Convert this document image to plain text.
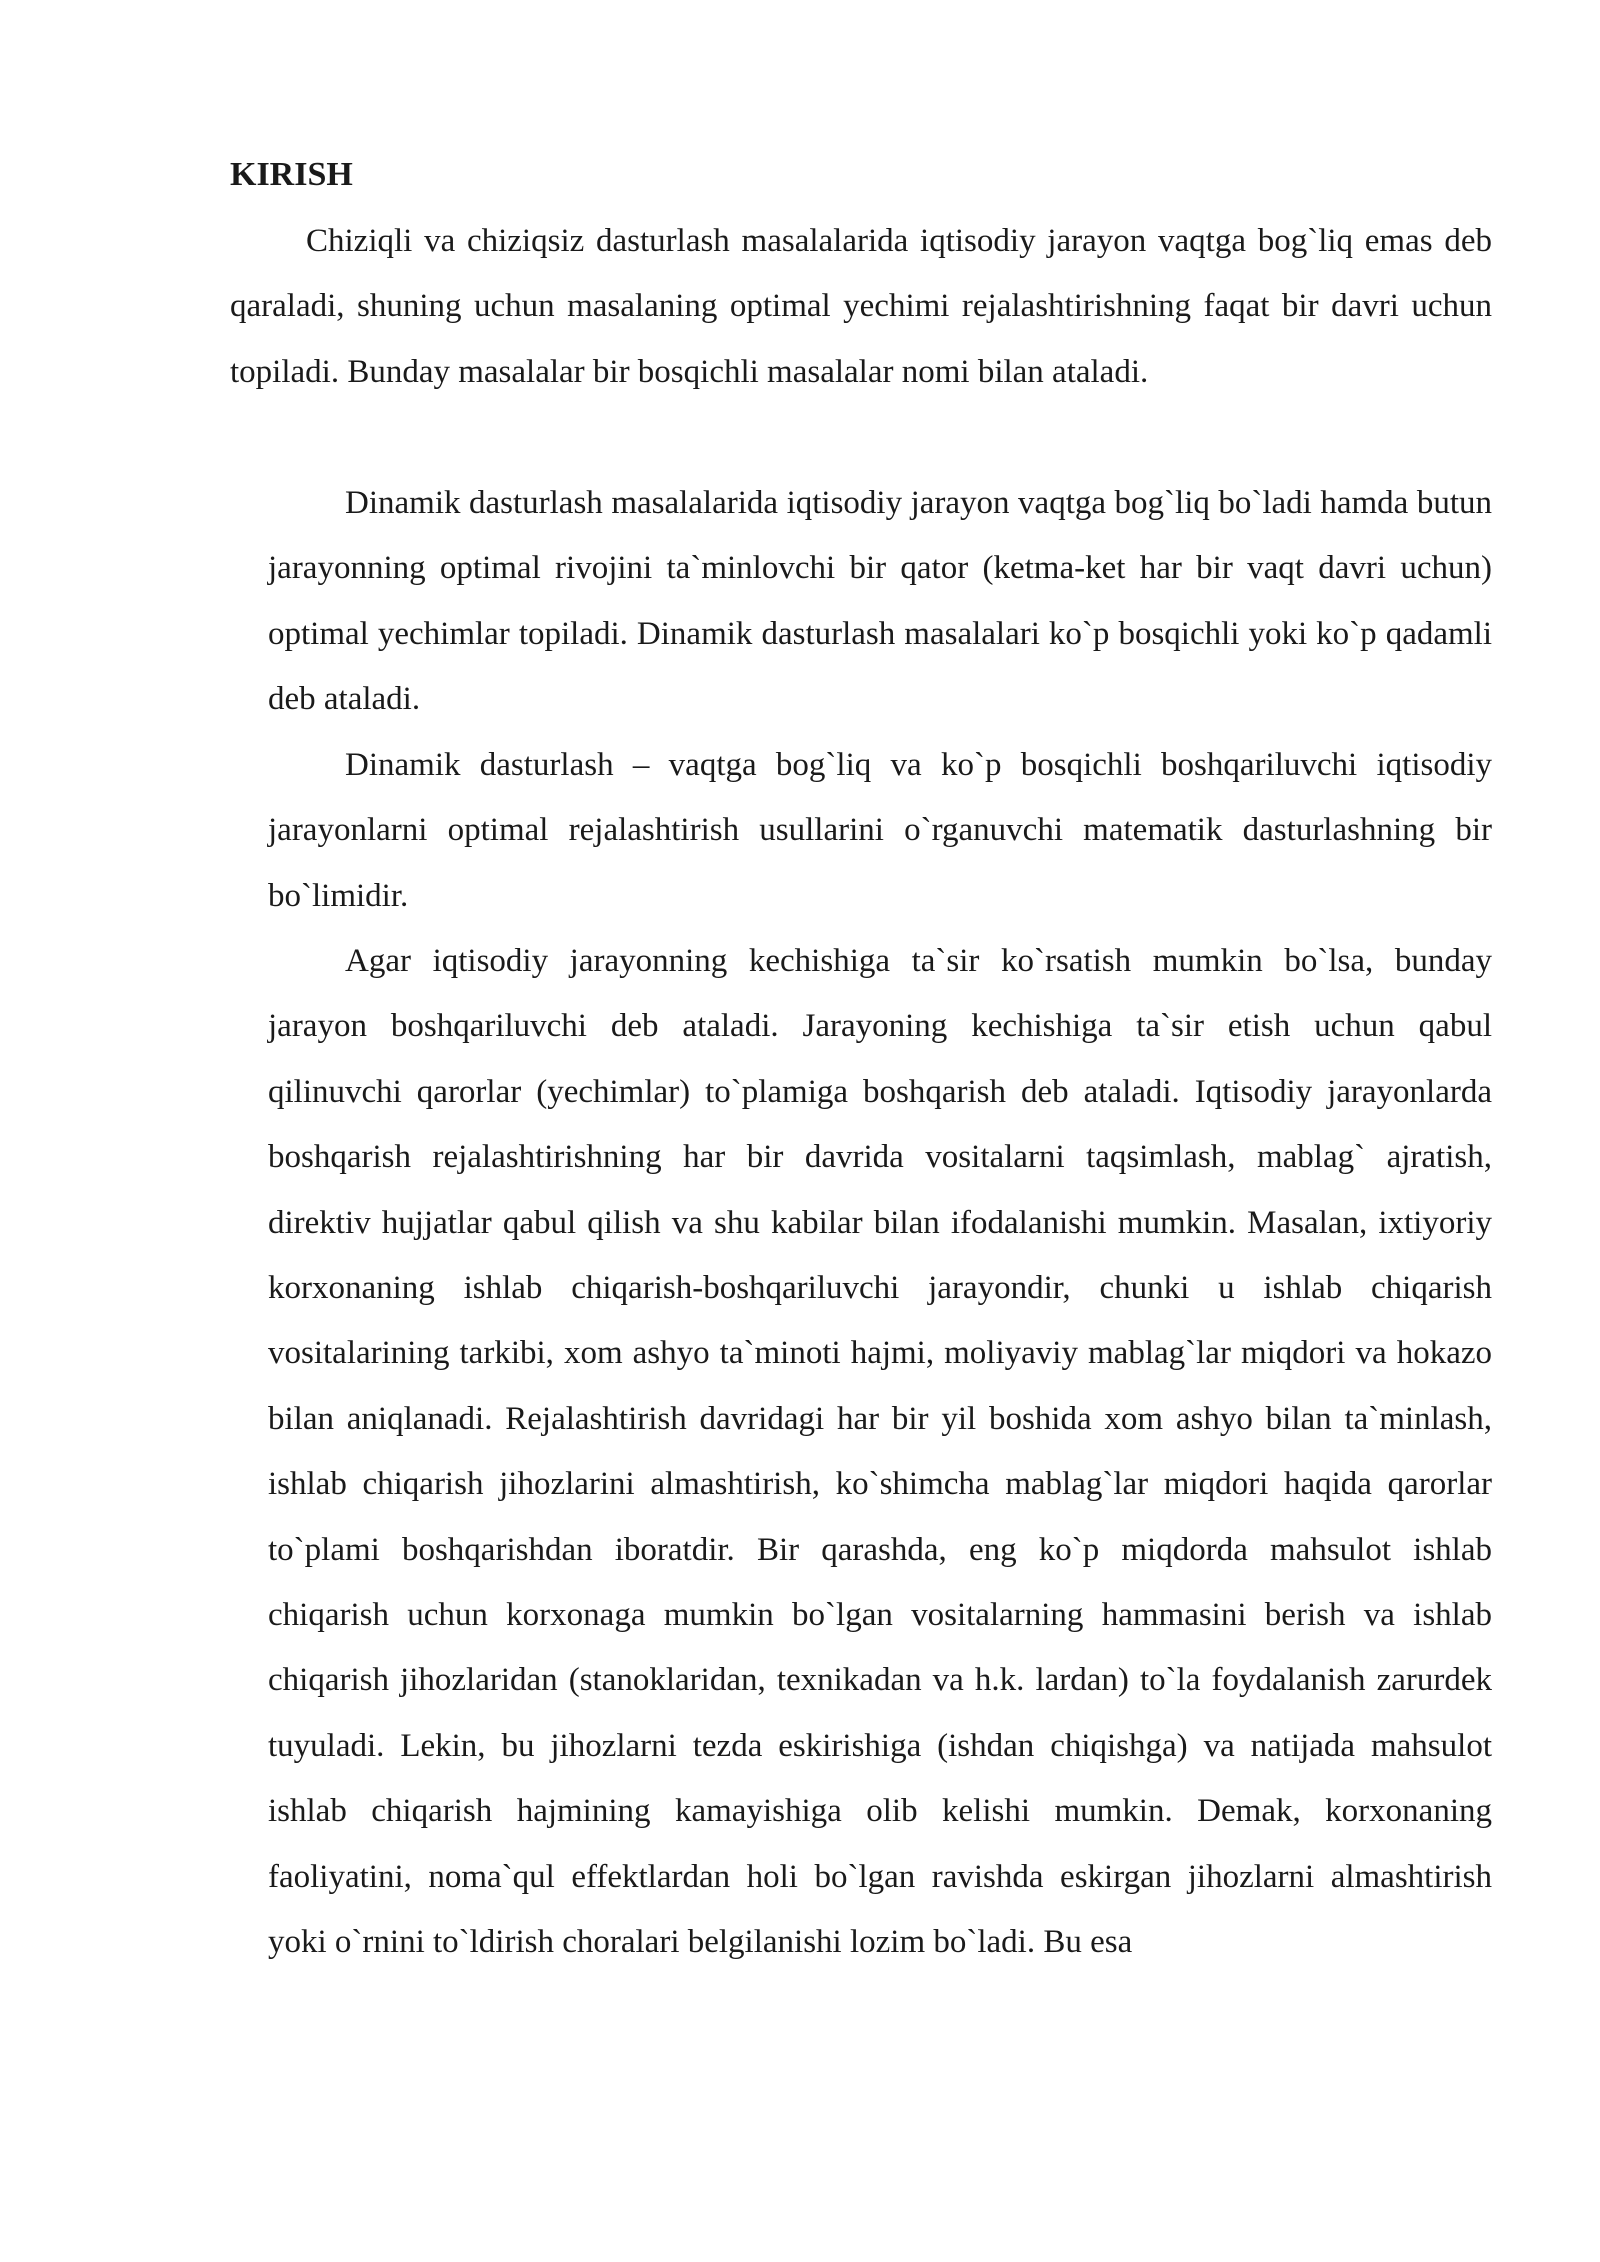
KIRISH

Chiziqli va chiziqsiz dasturlash masalalarida iqtisodiy jarayon vaqtga bog`liq emas deb qaraladi, shuning uchun masalaning optimal yechimi rejalashtirishning faqat bir davri uchun topiladi. Bunday masalalar bir bosqichli masalalar nomi bilan ataladi.

Dinamik dasturlash masalalarida iqtisodiy jarayon vaqtga bog`liq bo`ladi hamda butun jarayonning optimal rivojini ta`minlovchi bir qator (ketma-ket har bir vaqt davri uchun) optimal yechimlar topiladi. Dinamik dasturlash masalalari ko`p bosqichli yoki ko`p qadamli deb ataladi.

Dinamik dasturlash – vaqtga bog`liq va ko`p bosqichli boshqariluvchi iqtisodiy jarayonlarni optimal rejalashtirish usullarini o`rganuvchi matematik dasturlashning bir bo`limidir.

Agar iqtisodiy jarayonning kechishiga ta`sir ko`rsatish mumkin bo`lsa, bunday jarayon boshqariluvchi deb ataladi. Jarayoning kechishiga ta`sir etish uchun qabul qilinuvchi qarorlar (yechimlar) to`plamiga boshqarish deb ataladi. Iqtisodiy jarayonlarda boshqarish rejalashtirishning har bir davrida vositalarni taqsimlash, mablag` ajratish, direktiv hujjatlar qabul qilish va shu kabilar bilan ifodalanishi mumkin. Masalan, ixtiyoriy korxonaning ishlab chiqarish-boshqariluvchi jarayondir, chunki u ishlab chiqarish vositalarining tarkibi, xom ashyo ta`minoti hajmi, moliyaviy mablag`lar miqdori va hokazo bilan aniqlanadi. Rejalashtirish davridagi har bir yil boshida xom ashyo bilan ta`minlash, ishlab chiqarish jihozlarini almashtirish, ko`shimcha mablag`lar miqdori haqida qarorlar to`plami boshqarishdan iboratdir. Bir qarashda, eng ko`p miqdorda mahsulot ishlab chiqarish uchun korxonaga mumkin bo`lgan vositalarning hammasini berish va ishlab chiqarish jihozlaridan (stanoklaridan, texnikadan va h.k. lardan) to`la foydalanish zarurdek tuyuladi. Lekin, bu jihozlarni tezda eskirishiga (ishdan chiqishga) va natijada mahsulot ishlab chiqarish hajmining kamayishiga olib kelishi mumkin. Demak, korxonaning faoliyatini, noma`qul effektlardan holi bo`lgan ravishda eskirgan jihozlarni almashtirish yoki o`rnini to`ldirish choralari belgilanishi lozim bo`ladi. Bu esa
